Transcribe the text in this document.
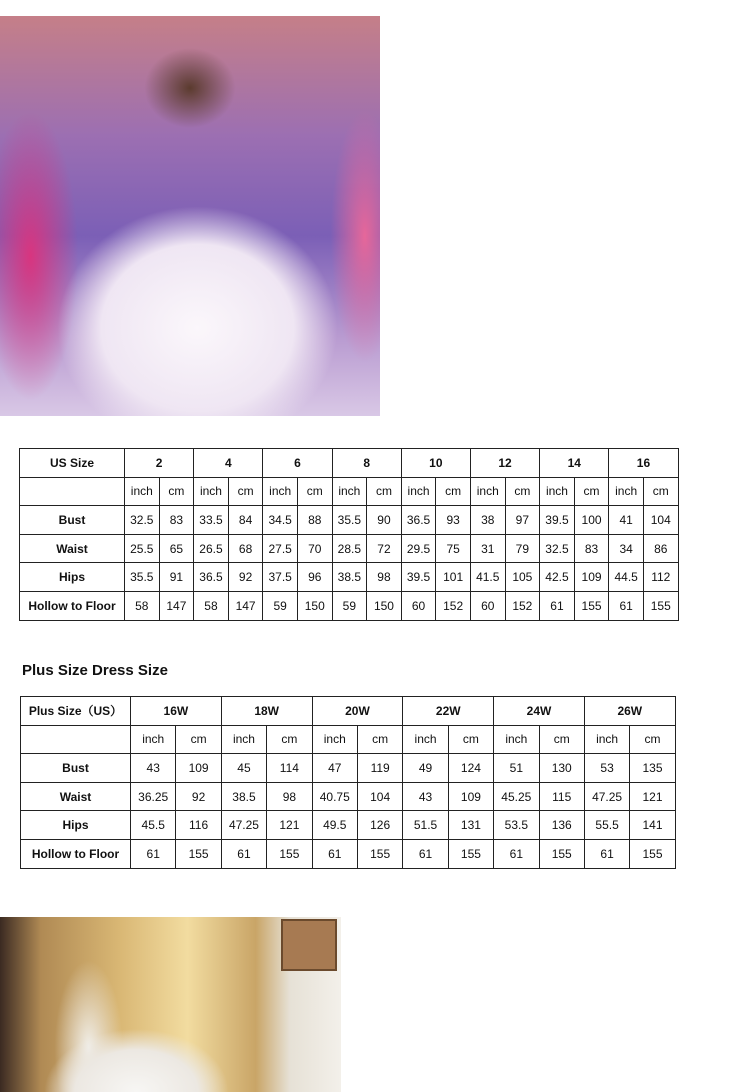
US Size	2		4		6		8		10		12		14		16	
	inch	cm	inch	cm	inch	cm	inch	cm	inch	cm	inch	cm	inch	cm	inch	cm
Bust	32.5	83	33.5	84	34.5	88	35.5	90	36.5	93	38	97	39.5	100	41	104
Waist	25.5	65	26.5	68	27.5	70	28.5	72	29.5	75	31	79	32.5	83	34	86
Hips	35.5	91	36.5	92	37.5	96	38.5	98	39.5	101	41.5	105	42.5	109	44.5	112
Hollow to Floor	58	147	58	147	59	150	59	150	60	152	60	152	61	155	61	155
Plus Size Dress Size
Plus Size（US）	16W		18W		20W		22W		24W		26W	
	inch	cm	inch	cm	inch	cm	inch	cm	inch	cm	inch	cm
Bust	43	109	45	114	47	119	49	124	51	130	53	135
Waist	36.25	92	38.5	98	40.75	104	43	109	45.25	115	47.25	121
Hips	45.5	116	47.25	121	49.5	126	51.5	131	53.5	136	55.5	141
Hollow to Floor	61	155	61	155	61	155	61	155	61	155	61	155
